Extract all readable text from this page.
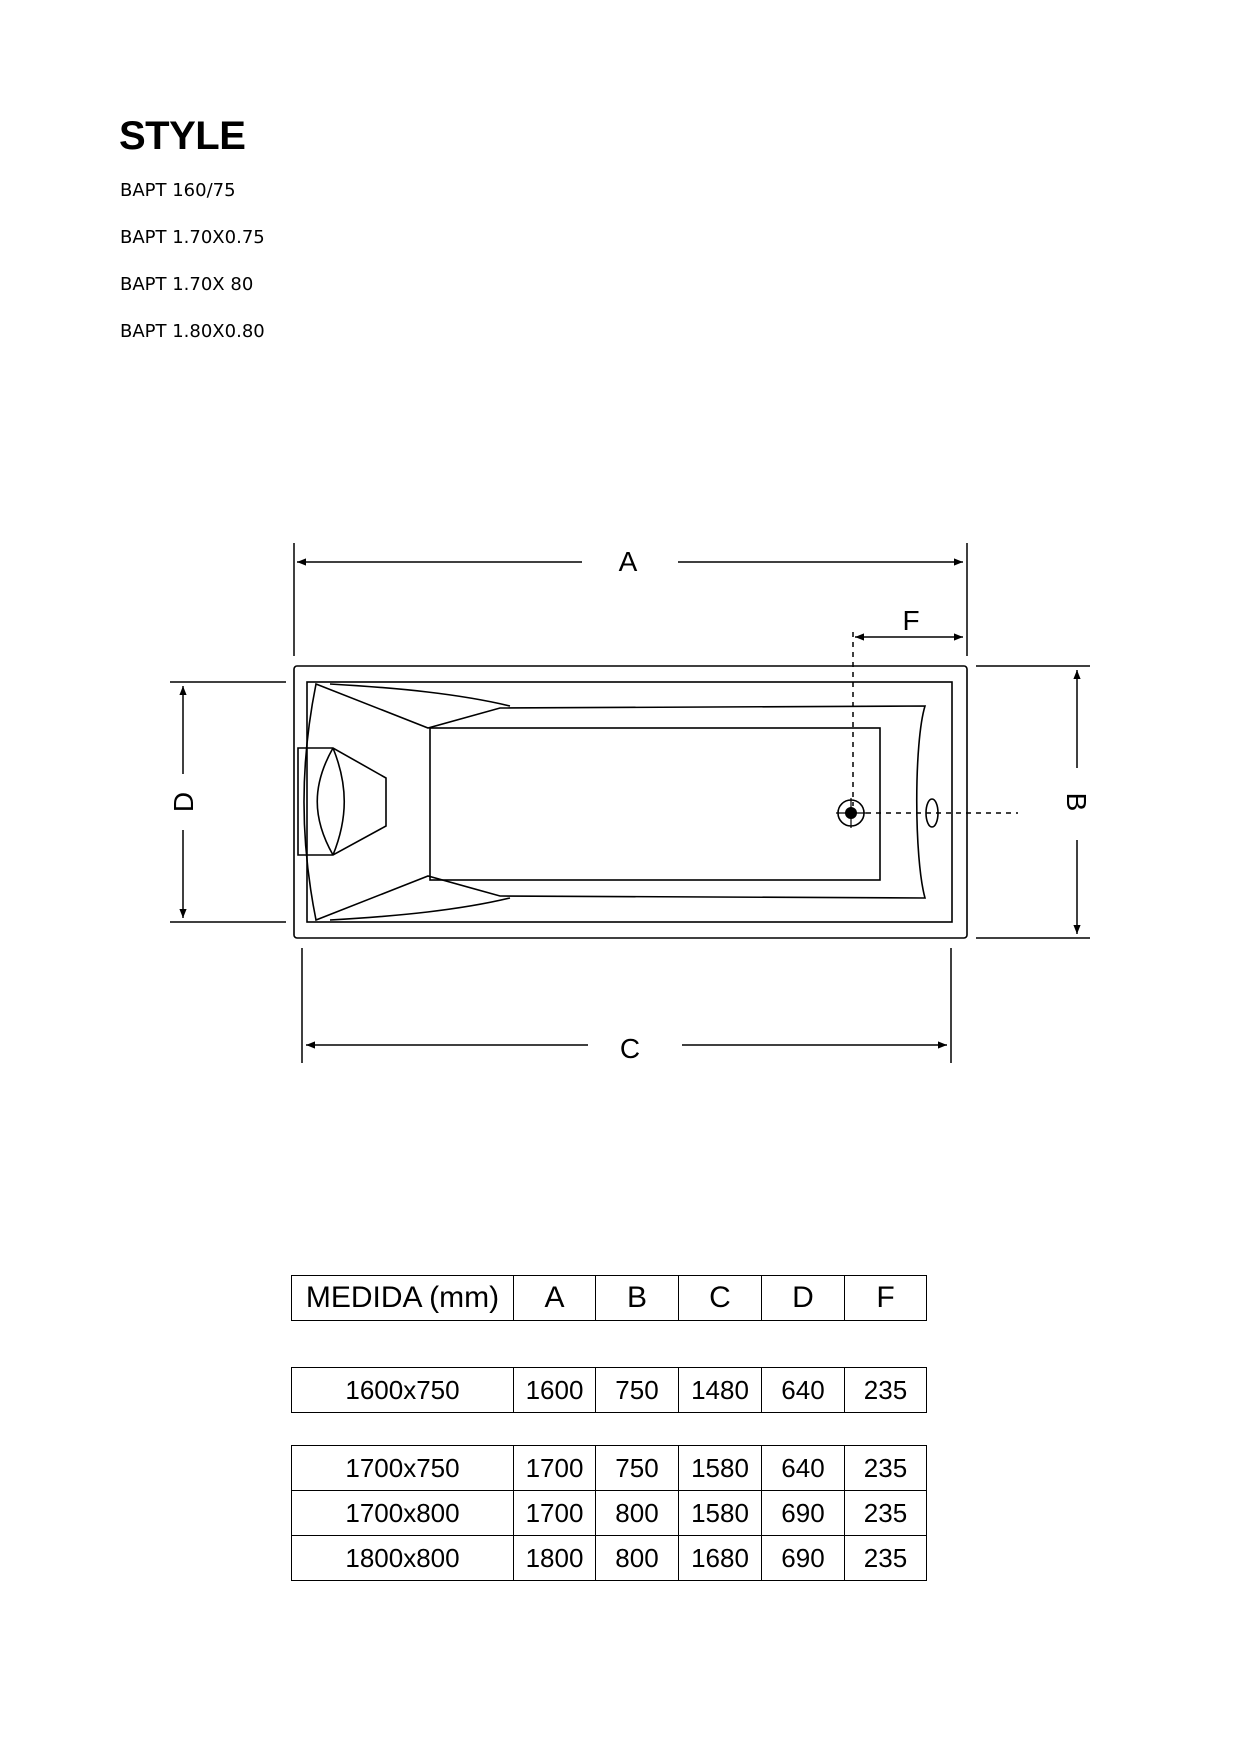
STYLE
BAPT 160/75
BAPT 1.70X0.75
BAPT 1.70X 80
BAPT 1.80X0.80
A
F
C
D	B
MEDIDA (mm)	A	B	C	D	F
1600x750	1600	750	1480	640	235
1700x750	1700	750	1580	640	235
1700x800	1700	800	1580	690	235
1800x800	1800	800	1680	690	235
